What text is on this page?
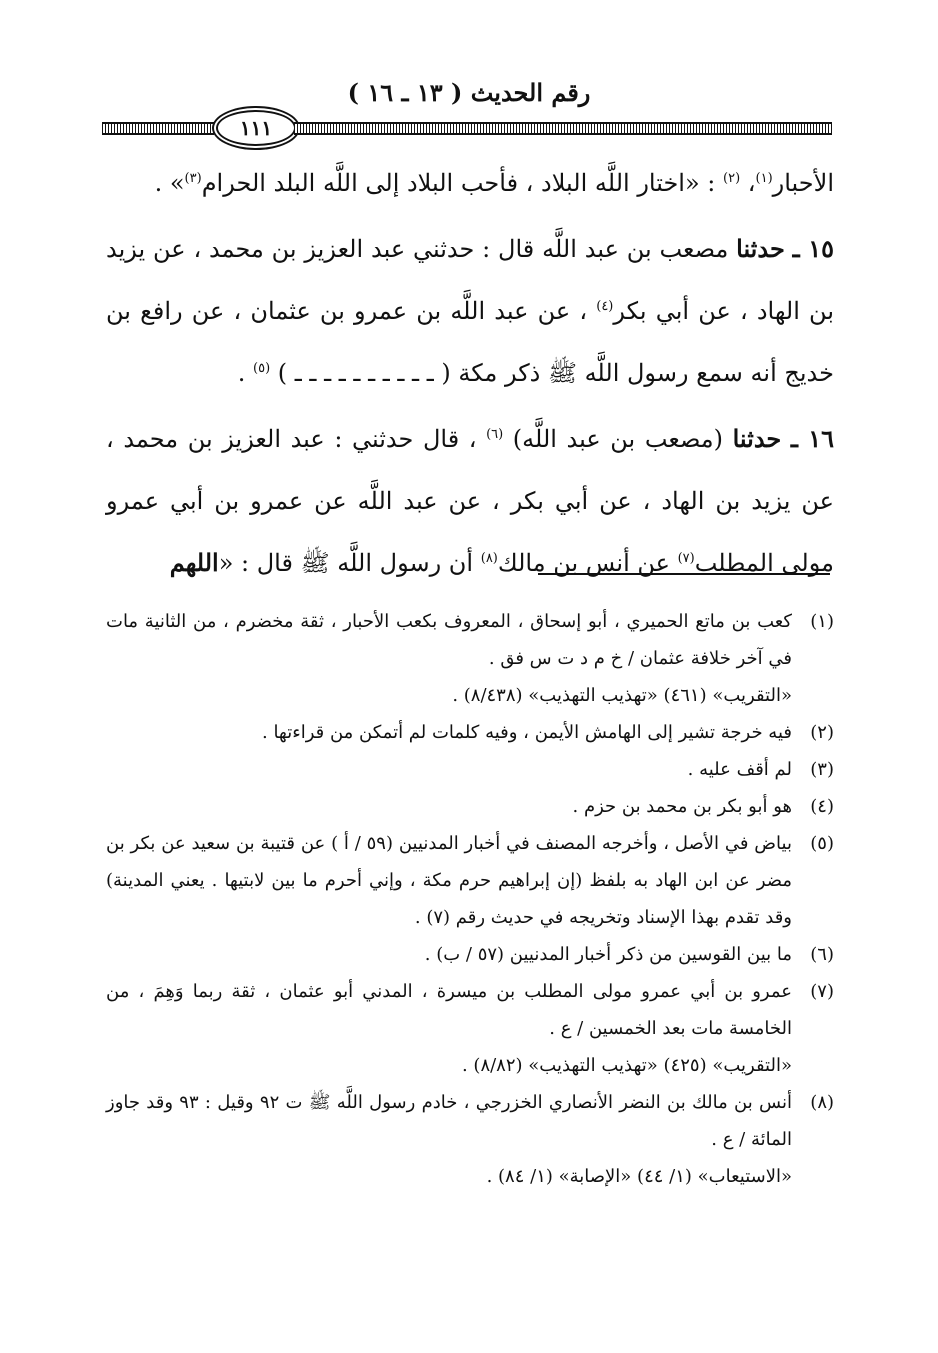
رقم الحديث ( ١٣ ـ ١٦ )
١١١

الأحبار$^{(١)}$، $^{(٢)}$ : «اختار اللَّه البلاد ، فأحب البلاد إلى اللَّه البلد الحرام$^{(٣)}$» .

١٥ ـ حدثنا مصعب بن عبد اللَّه قال : حدثني عبد العزيز بن محمد ، عن يزيد بن الهاد ، عن أبي بكر$^{(٤)}$ ، عن عبد اللَّه بن عمرو بن عثمان ، عن رافع بن خديج أنه سمع رسول اللَّه ﷺ ذكر مكة ( ـ ـ ـ ـ ـ ـ ـ ـ ـ ـ ) $^{(٥)}$ .

١٦ ـ حدثنا (مصعب بن عبد اللَّه) $^{(٦)}$ ، قال حدثني : عبد العزيز بن محمد ، عن يزيد بن الهاد ، عن أبي بكر ، عن عبد اللَّه عن عمرو بن أبي عمرو مولى المطلب$^{(٧)}$ عن أنس بن مالك$^{(٨)}$ أن رسول اللَّه ﷺ قال : «اللهم

(١)كعب بن ماتع الحميري ، أبو إسحاق ، المعروف بكعب الأحبار ، ثقة مخضرم ، من الثانية مات في آخر خلافة عثمان / خ م د ت س فق .

«التقريب» (٤٦١) «تهذيب التهذيب» (٨/٤٣٨) .

(٢)فيه خرجة تشير إلى الهامش الأيمن ، وفيه كلمات لم أتمكن من قراءتها .

(٣)لم أقف عليه .

(٤)هو أبو بكر بن محمد بن حزم .

(٥)بياض في الأصل ، وأخرجه المصنف في أخبار المدنيين (٥٩ / أ ) عن قتيبة بن سعيد عن بكر بن مضر عن ابن الهاد به بلفظ (إن إبراهيم حرم مكة ، وإني أحرم ما بين لابتيها . يعني المدينة) وقد تقدم بهذا الإسناد وتخريجه في حديث رقم (٧) .

(٦)ما بين القوسين من ذكر أخبار المدنيين (٥٧ / ب) .

(٧)عمرو بن أبي عمرو مولى المطلب بن ميسرة ، المدني أبو عثمان ، ثقة ربما وَهِمَ ، من الخامسة مات بعد الخمسين / ع .

«التقريب» (٤٢٥) «تهذيب التهذيب» (٨/٨٢) .

(٨)أنس بن مالك بن النضر الأنصاري الخزرجي ، خادم رسول اللَّه ﷺ ت ٩٢ وقيل : ٩٣ وقد جاوز المائة / ع .

«الاستيعاب» (١/ ٤٤) «الإصابة» (١/ ٨٤) .
